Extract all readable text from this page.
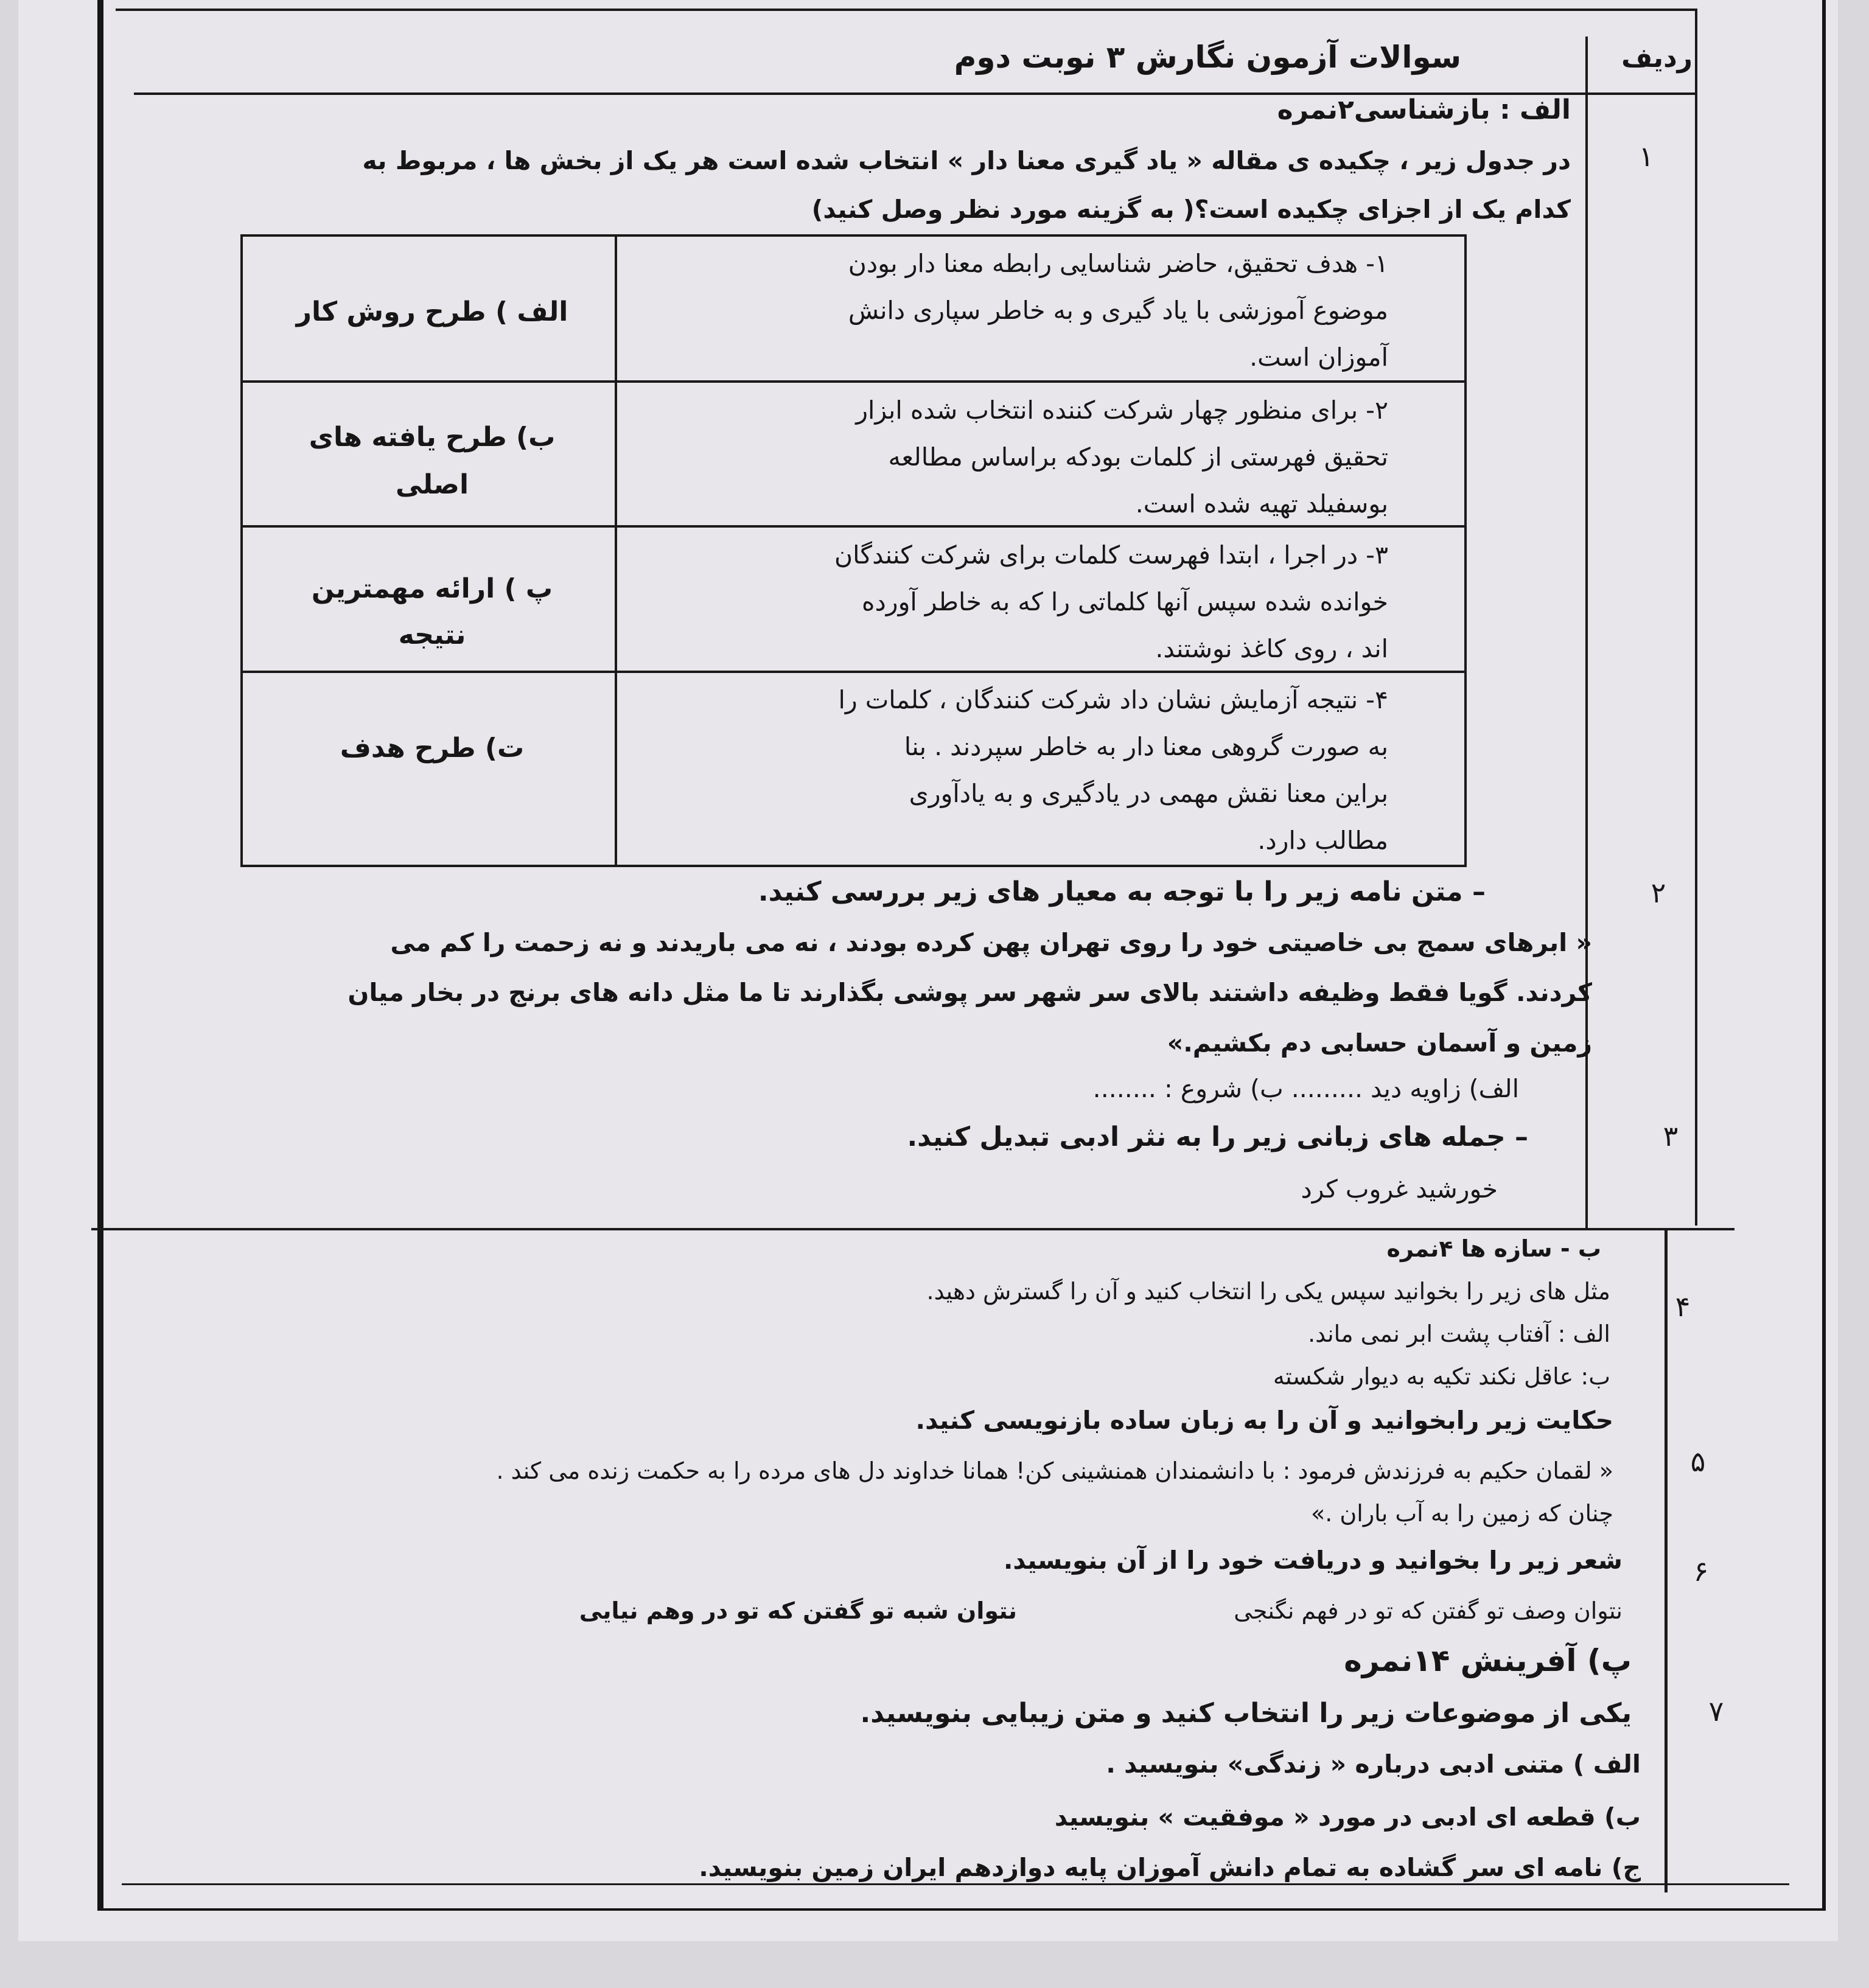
ردیف
سوالات آزمون نگارش ۳ نوبت دوم
الف : بازشناسی۲نمره
۱
در جدول زیر ، چکیده ی مقاله « یاد گیری معنا دار » انتخاب شده است هر یک از بخش ها ، مربوط به
کدام یک از اجزای چکیده است؟( به گزینه مورد نظر وصل کنید)
۱- هدف تحقیق، حاضر شناسایی رابطه معنا دار بودن
موضوع آموزشی با یاد گیری و به خاطر سپاری دانش
آموزان است.
الف ) طرح روش کار
۲- برای منظور چهار شرکت کننده انتخاب شده ابزار
تحقیق فهرستی از کلمات بودکه براساس مطالعه
بوسفیلد تهیه شده است.
ب) طرح یافته های
اصلی
۳- در اجرا ، ابتدا فهرست کلمات برای شرکت کنندگان
خوانده شده سپس آنها کلماتی را که به خاطر آورده
اند ، روی کاغذ نوشتند.
پ ) ارائه مهمترین
نتیجه
۴- نتیجه آزمایش نشان داد شرکت کنندگان ، کلمات را
به صورت گروهی معنا دار به خاطر سپردند . بنا
براین معنا نقش مهمی در یادگیری و به یادآوری
مطالب دارد.
ت) طرح هدف
۲
– متن نامه زیر را با توجه به معیار های زیر بررسی کنید.
« ابرهای سمج بی خاصیتی خود را روی تهران پهن کرده بودند ، نه می باریدند و نه زحمت را کم می
کردند. گویا فقط وظیفه داشتند بالای سر شهر سر پوشی بگذارند تا ما مثل دانه های برنج در بخار میان
زمین و آسمان حسابی دم بکشیم.»
الف) زاویه دید ......... ب) شروع : ........
۳
– جمله های زبانی زیر را به نثر ادبی تبدیل کنید.
خورشید غروب کرد
ب - سازه ها ۴نمره
۴
مثل های زیر را بخوانید سپس یکی را انتخاب کنید و آن را گسترش دهید.
الف : آفتاب پشت ابر نمی ماند.
ب: عاقل نکند تکیه به دیوار شکسته
۵
حکایت زیر رابخوانید و آن را به زبان ساده بازنویسی کنید.
« لقمان حکیم به فرزندش فرمود : با دانشمندان همنشینی کن! همانا خداوند دل های مرده را به حکمت زنده می کند .
چنان که زمین را به آب باران .»
۶
شعر زیر را بخوانید و دریافت خود را از آن بنویسید.
نتوان وصف تو گفتن که تو در فهم نگنجی
نتوان شبه تو گفتن که تو در وهم نیایی
پ) آفرینش ۱۴نمره
۷
یکی از موضوعات زیر را انتخاب کنید و متن زیبایی بنویسید.
الف ) متنی ادبی درباره « زندگی» بنویسید .
ب) قطعه ای ادبی در مورد « موفقیت » بنویسید
ج) نامه ای سر گشاده به تمام دانش آموزان پایه دوازدهم ایران زمین بنویسید.
